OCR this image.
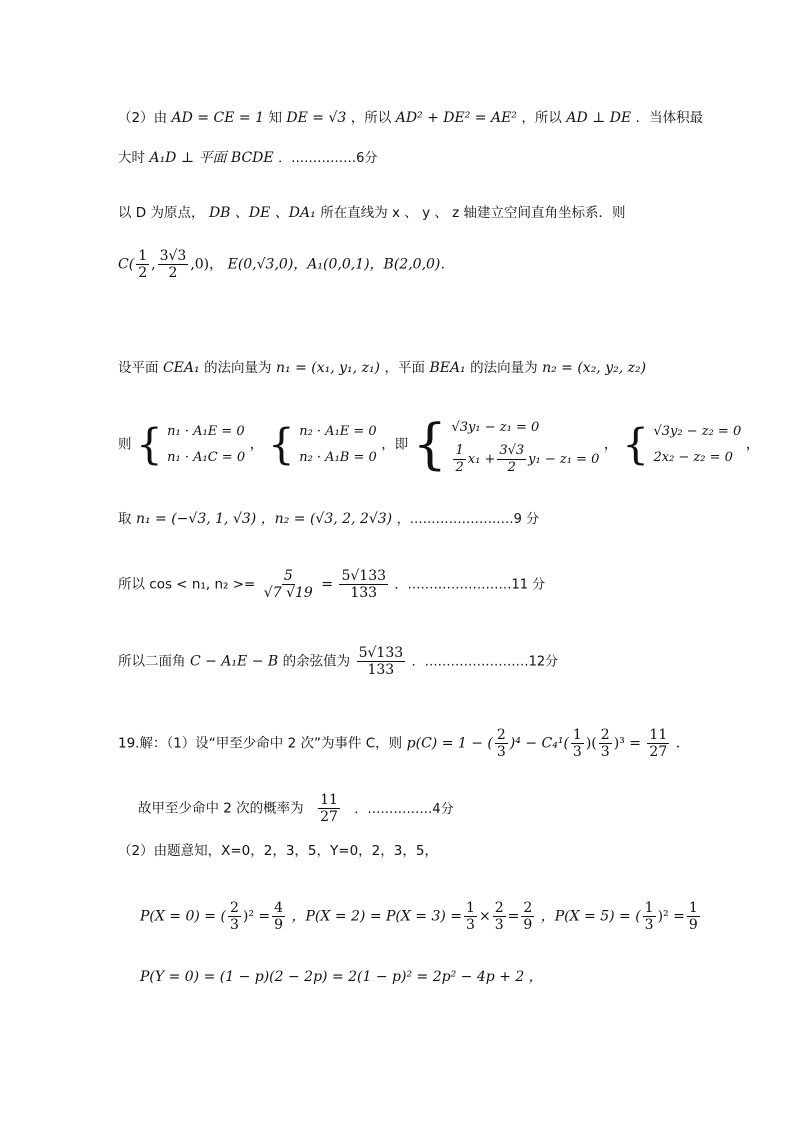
（2）由 AD = CE = 1 知 DE = √3 ，所以 AD² + DE² = AE² ，所以 AD ⊥ DE ．当体积最
大时 A₁D ⊥ 平面 BCDE ．……………6分
以 D 为原点， DB 、DE 、DA₁ 所在直线为 x 、 y 、 z 轴建立空间直角坐标系．则
$C( \frac{1}{2}$ , $\frac{3√3}{2} ,0$)， E(0,√3,0)，A₁(0,0,1)，B(2,0,0)．
设平面 CEA₁ 的法向量为 n₁ = (x₁, y₁, z₁) ，平面 BEA₁ 的法向量为 n₂ = (x₂, y₂, z₂)
则 { n₁ · A₁E = 0
n₁ · A₁C = 0
， { n₂ · A₁E = 0
n₂ · A₁B = 0
，即 { √3y₁ − z₁ = 0
$\frac{1}{2} x_1 + \frac{3√3}{2} y_1 - z_1 = 0$
， { √3y₂ − z₂ = 0
2x₂ − z₂ = 0
，
取 n₁ = (−√3, 1, √3) ，n₂ = (√3, 2, 2√3) ，……………………9 分
所以 cos < n₁, $n_2 >= \frac{5}{√7 √19} = \frac{5√133}{133}$ ．……………………11 分
所以二面角 C − A₁E − B 的余弦值为 $\frac{5√133}{133}$ ．……………………12分
19.解：（1）设“甲至少命中 2 次”为事件 C，则 p(C) = 1 − ( $\frac{2}{3} )^4 - C_4^1( \frac{1}{3}$ )( $\frac{2}{3} )^3 = \frac{11}{27}$ ．
故甲至少命中 2 次的概率为 $\frac{11}{27}$ ．……………4分
（2）由题意知，X=0，2，3，5，Y=0，2，3，5，
P(X = 0) = ( $\frac{2}{3} )^2 = \frac{4}{9}$ ，$P(X = 2) = P(X = 3) = \frac{1}{3} \times \frac{2}{3} = \frac{2}{9}$ ，P(X = 5) = ( $\frac{1}{3} )^2 = \frac{1}{9}$
P(Y = 0) = (1 − p)(2 − 2p) = 2(1 − p)² = 2p² − 4p + 2 ，
